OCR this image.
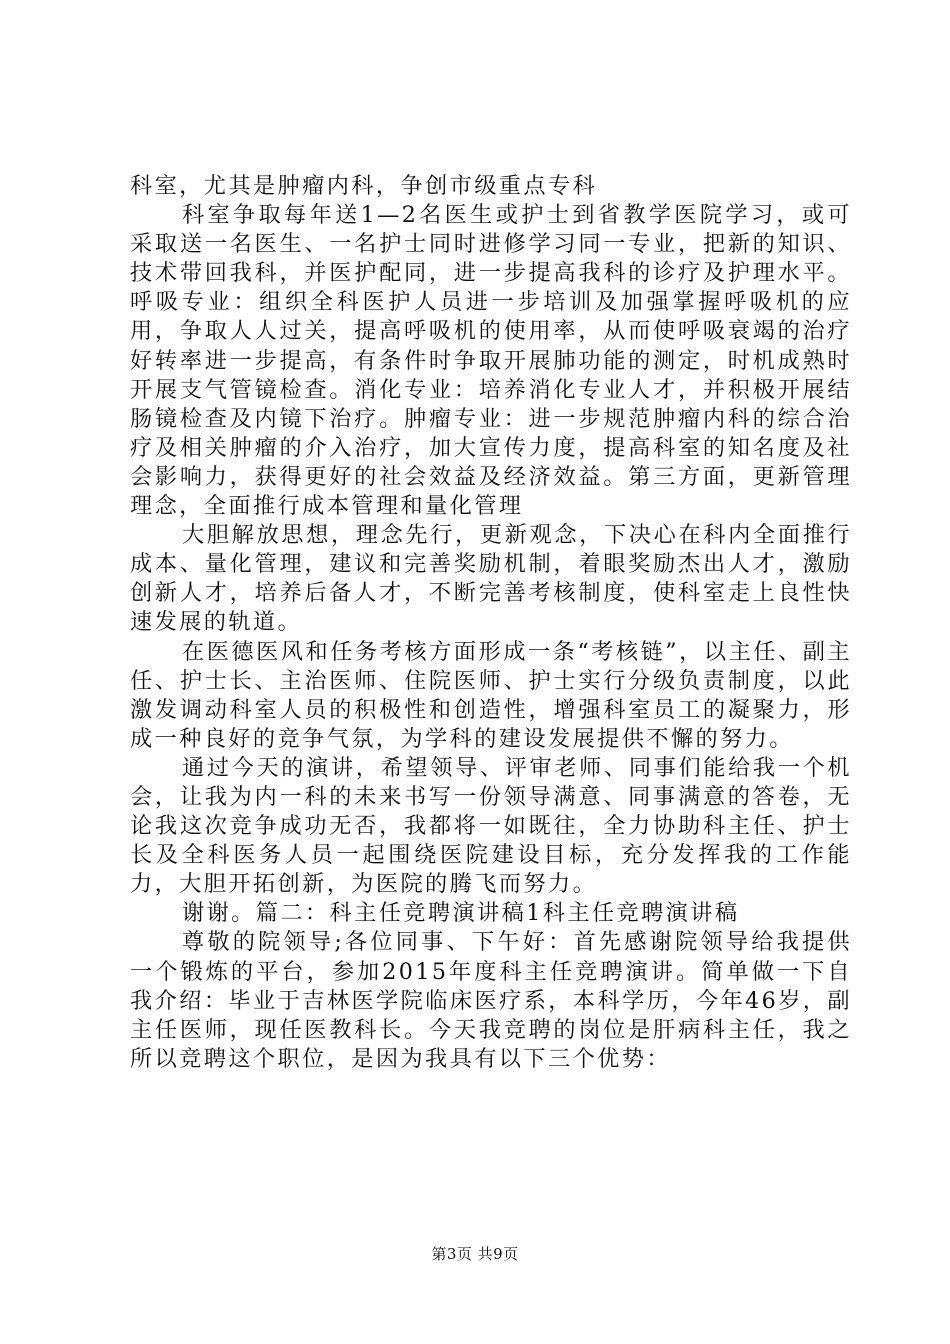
科室，尤其是肿瘤内科，争创市级重点专科

科室争取每年送1—2名医生或护士到省教学医院学习，或可采取送一名医生、一名护士同时进修学习同一专业，把新的知识、技术带回我科，并医护配同，进一步提高我科的诊疗及护理水平。呼吸专业：组织全科医护人员进一步培训及加强掌握呼吸机的应用，争取人人过关，提高呼吸机的使用率，从而使呼吸衰竭的治疗好转率进一步提高，有条件时争取开展肺功能的测定，时机成熟时开展支气管镜检查。消化专业：培养消化专业人才，并积极开展结肠镜检查及内镜下治疗。肿瘤专业：进一步规范肿瘤内科的综合治疗及相关肿瘤的介入治疗，加大宣传力度，提高科室的知名度及社会影响力，获得更好的社会效益及经济效益。第三方面，更新管理理念，全面推行成本管理和量化管理

大胆解放思想，理念先行，更新观念，下决心在科内全面推行成本、量化管理，建议和完善奖励机制，着眼奖励杰出人才，激励创新人才，培养后备人才，不断完善考核制度，使科室走上良性快速发展的轨道。

在医德医风和任务考核方面形成一条“考核链”，以主任、副主任、护士长、主治医师、住院医师、护士实行分级负责制度，以此激发调动科室人员的积极性和创造性，增强科室员工的凝聚力，形成一种良好的竞争气氛，为学科的建设发展提供不懈的努力。

通过今天的演讲，希望领导、评审老师、同事们能给我一个机会，让我为内一科的未来书写一份领导满意、同事满意的答卷，无论我这次竞争成功无否，我都将一如既往，全力协助科主任、护士长及全科医务人员一起围绕医院建设目标，充分发挥我的工作能力，大胆开拓创新，为医院的腾飞而努力。

谢谢。篇二：科主任竞聘演讲稿1科主任竞聘演讲稿

尊敬的院领导;各位同事、下午好：首先感谢院领导给我提供一个锻炼的平台，参加2015年度科主任竞聘演讲。简单做一下自我介绍：毕业于吉林医学院临床医疗系，本科学历，今年46岁，副主任医师，现任医教科长。今天我竞聘的岗位是肝病科主任，我之所以竞聘这个职位，是因为我具有以下三个优势：

第3页 共9页
